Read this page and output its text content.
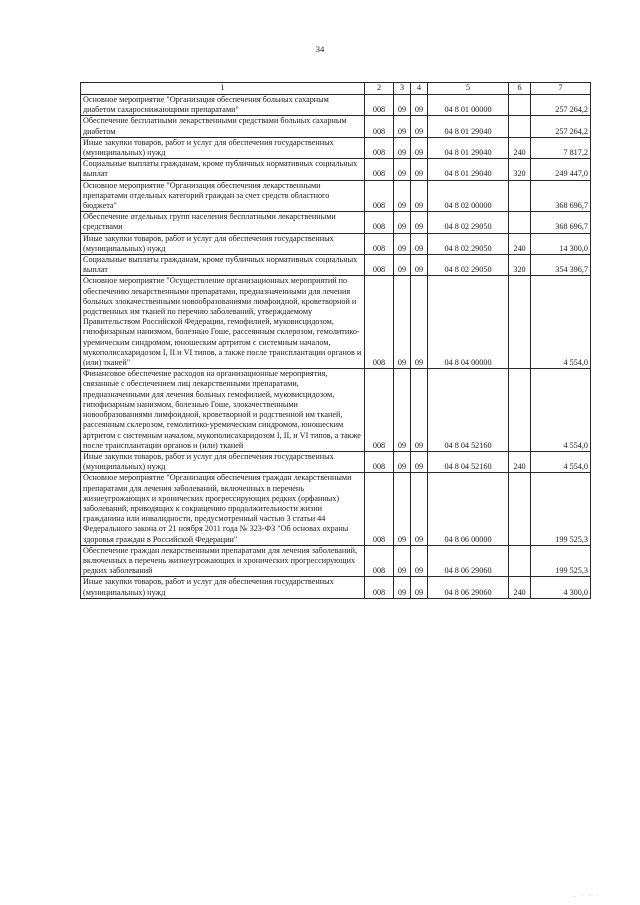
34
1	2	3	4	5	6	7
Основное мероприятие "Организация обеспечения больных сахарным диабетом сахароснижающими препаратами"	008	09	09	04 8 01 00000		257 264,2
Обеспечение бесплатными лекарственными средствами больных сахарным диабетом	008	09	09	04 8 01 29040		257 264,2
Иные закупки товаров, работ и услуг для обеспечения государственных (муниципальных) нужд	008	09	09	04 8 01 29040	240	7 817,2
Социальные выплаты гражданам, кроме публичных нормативных социальных выплат	008	09	09	04 8 01 29040	320	249 447,0
Основное мероприятие "Организация обеспечения лекарственными препаратами отдельных категорий граждан за счет средств областного бюджета"	008	09	09	04 8 02 00000		368 696,7
Обеспечение отдельных групп населения бесплатными лекарственными средствами	008	09	09	04 8 02 29050		368 696,7
Иные закупки товаров, работ и услуг для обеспечения государственных (муниципальных) нужд	008	09	09	04 8 02 29050	240	14 300,0
Социальные выплаты гражданам, кроме публичных нормативных социальных выплат	008	09	09	04 8 02 29050	320	354 396,7
Основное мероприятие "Осуществление организационных мероприятий по обеспечению лекарственными препаратами, предназначенными для лечения больных злокачественными новообразованиями лимфоидной, кроветворной и родственных им тканей по перечню заболеваний, утверждаемому Правительством Российской Федерации, гемофилией, муковисцидозом, гипофизарным нанизмом, болезнью Гоше, рассеянным склерозом, гемолитико-уремическим синдромом, юношеским артритом с системным началом, мукополисахаридозом I, II и VI типов, а также после трансплантации органов и (или) тканей"	008	09	09	04 8 04 00000		4 554,0
Финансовое обеспечение расходов на организационные мероприятия, связанные с обеспечением лиц лекарственными препаратами, предназначенными для лечения больных гемофилией, муковисцидозом, гипофизарным нанизмом, болезнью Гоше, злокачественными новообразованиями лимфоидной, кроветворной и родственной им тканей, рассеянным склерозом, гемолитико-уремическим синдромом, юношеским артритом с системным началом, мукополисахаридозом I, II, и VI типов, а также после трансплантации органов и (или) тканей	008	09	09	04 8 04 52160		4 554,0
Иные закупки товаров, работ и услуг для обеспечения государственных (муниципальных) нужд	008	09	09	04 8 04 52160	240	4 554,0
Основное мероприятие "Организация обеспечения граждан лекарственными препаратами для лечения заболеваний, включенных в перечень жизнеугрожающих и хронических прогрессирующих редких (орфанных) заболеваний, приводящих к сокращению продолжительности жизни гражданина или инвалидности, предусмотренный частью 3 статьи 44 Федерального закона от 21 ноября 2011 года № 323-ФЗ "Об основах охраны здоровья граждан в Российской Федерации"	008	09	09	04 8 06 00000		199 525,3
Обеспечение граждан лекарственными препаратами для лечения заболеваний, включенных в перечень жизнеугрожающих и хронических прогрессирующих редких заболеваний	008	09	09	04 8 06 29060		199 525,3
Иные закупки товаров, работ и услуг для обеспечения государственных (муниципальных) нужд	008	09	09	04 8 06 29060	240	4 300,0
. · · ·
